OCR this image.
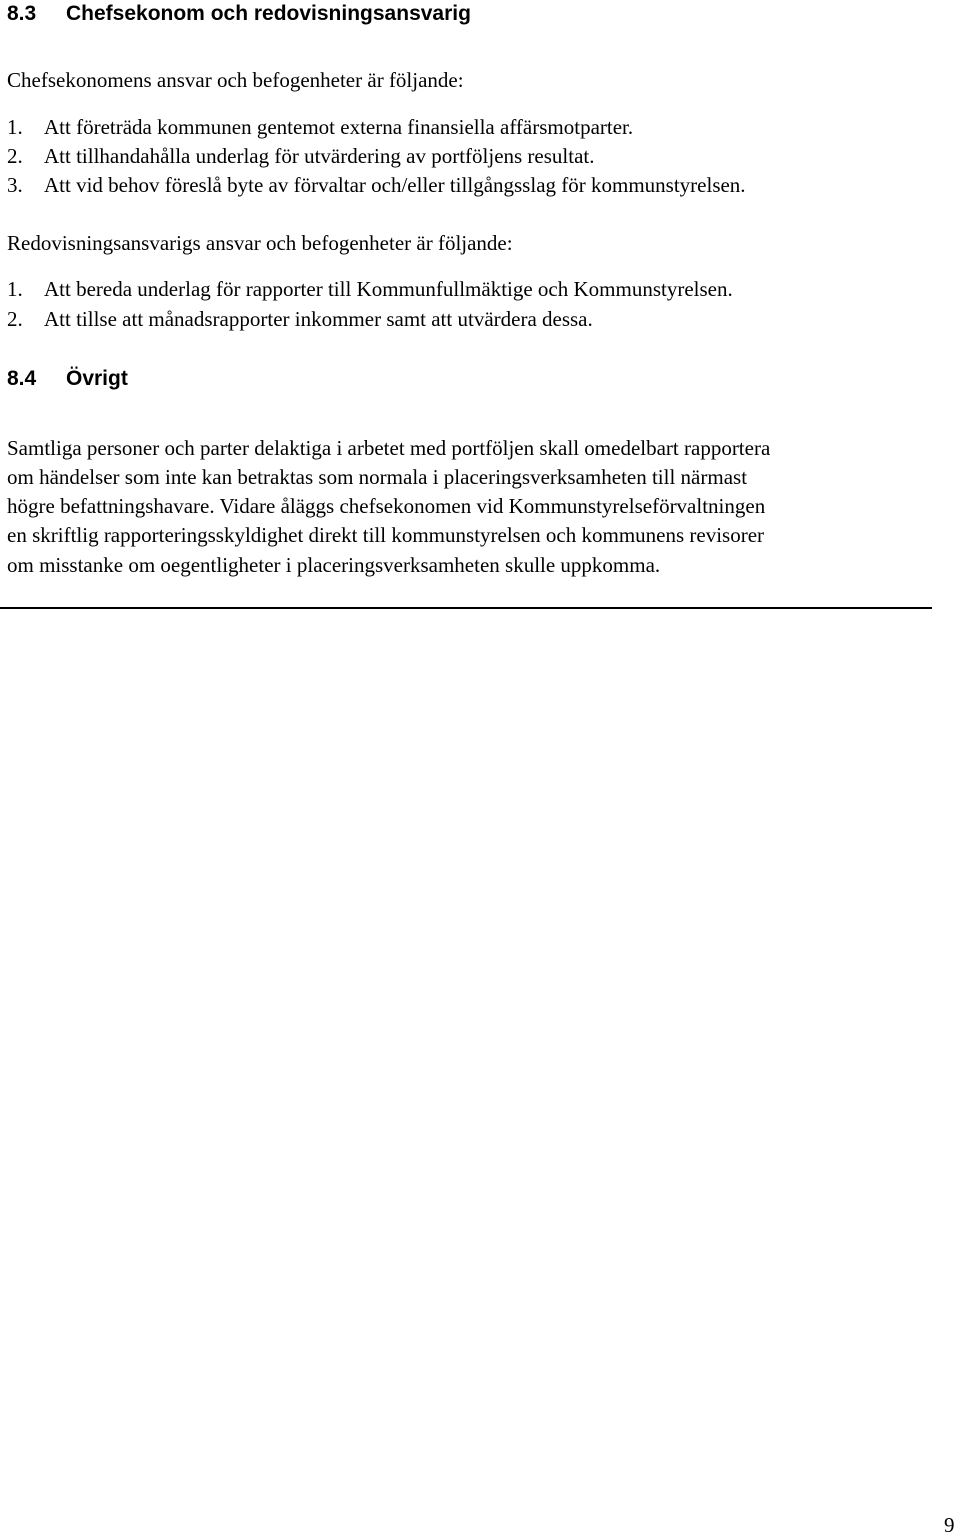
8.3 Chefsekonom och redovisningsansvarig
Chefsekonomens ansvar och befogenheter är följande:
1. Att företräda kommunen gentemot externa finansiella affärsmotparter.
2. Att tillhandahålla underlag för utvärdering av portföljens resultat.
3. Att vid behov föreslå byte av förvaltar och/eller tillgångsslag för kommunstyrelsen.
Redovisningsansvarigs ansvar och befogenheter är följande:
1. Att bereda underlag för rapporter till Kommunfullmäktige och Kommunstyrelsen.
2. Att tillse att månadsrapporter inkommer samt att utvärdera dessa.
8.4 Övrigt
Samtliga personer och parter delaktiga i arbetet med portföljen skall omedelbart rapportera
om händelser som inte kan betraktas som normala i placeringsverksamheten till närmast
högre befattningshavare. Vidare åläggs chefsekonomen vid Kommunstyrelseförvaltningen
en skriftlig rapporteringsskyldighet direkt till kommunstyrelsen och kommunens revisorer
om misstanke om oegentligheter i placeringsverksamheten skulle uppkomma.
9
